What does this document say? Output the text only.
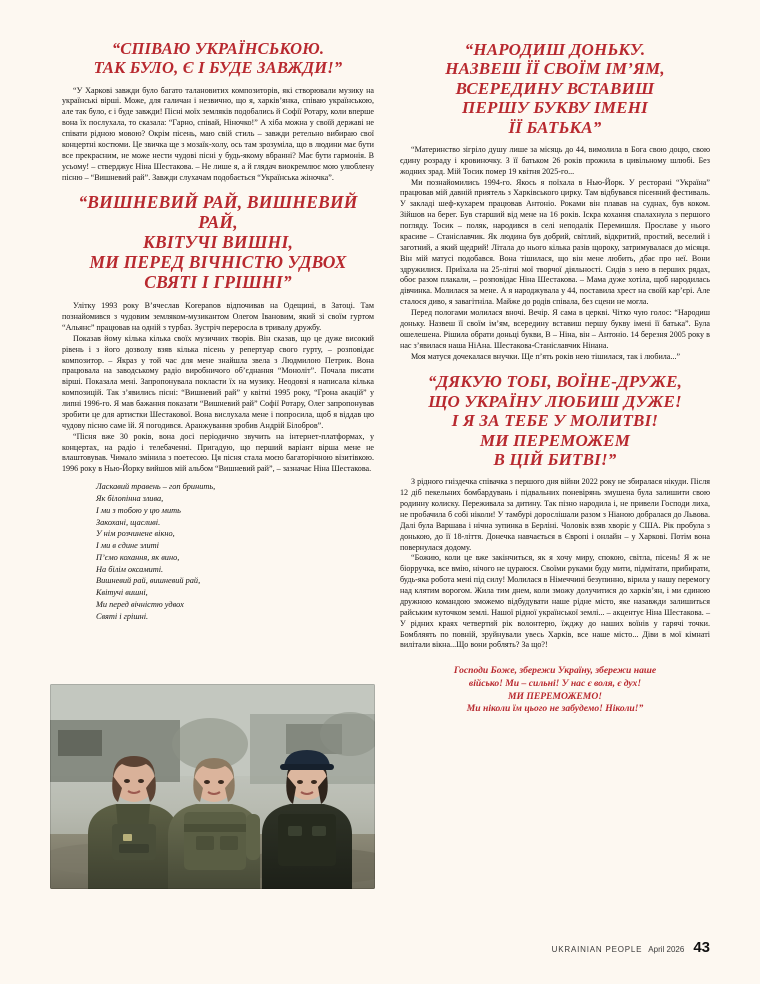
“СПІВАЮ УКРАЇНСЬКОЮ.
ТАК БУЛО, Є І БУДЕ ЗАВЖДИ!”

“У Харкові завжди було багато талановитих композиторів, які створювали музику на українські вірші. Може, для галичан і незвично, що я, харків’янка, співаю українською, але так було, є і буде завжди! Пісні моїх земляків подобались й Софії Ротару, коли вперше вона їх послухала, то сказала: “Гарно, співай, Ніночко!” А хіба можна у своїй державі не співати рідною мовою? Окрім пісень, маю свій стиль – завжди ретельно вибираю свої концертні костюми. Це звичка ще з мозаїк-холу, ось там зрозуміла, що в людини має бути все прекрасним, не може нести чудові пісні у будь-якому вбранні? Має бути гармонія. В усьому! – стверджує Ніна Шестакова. – Не лише я, а й глядач виокремлює мою улюблену пісню – “Вишневий рай”. Завжди слухачам подобається “Українська жіночка”.

“ВИШНЕВИЙ РАЙ, ВИШНЕВИЙ РАЙ,
КВІТУЧІ ВИШНІ,
МИ ПЕРЕД ВІЧНІСТЮ УДВОХ
СВЯТІ І ГРІШНІ”

Улітку 1993 року В’ячеслав Korеpanов відпочивав на Одещині, в Затоці. Там познайомився з чудовим земляком-музикантом Олегом Івановим, який зі своїм гуртом “Альянс” працював на одній з турбаз. Зустріч переросла в тривалу дружбу.

Показав йому кілька кілька своїх музичних творів. Він сказав, що це дуже високий рівень і з його дозволу взяв кілька пісень у репертуар свого гурту, – розповідає композитор. – Якраз у той час для мене знайшла звела з Людмилою Петрик. Вона працювала на заводському радіо виробничого об’єднання “Моноліт”. Почала писати вірші. Показала мені. Запропонувала покласти їх на музику. Неодовзі я написала кілька композицій. Так з’явились пісні: “Вишневий рай” у квітні 1995 року, “Грона акацій” у липні 1996-го. Я мав бажання показати “Вишневий рай” Софії Ротару, Олег запропонував зробити це для артистки Шестакової. Вона вислухала мене і попросила, щоб я віддав цю чудову пісню саме їй. Я погодився. Аранжування зробив Андрій Білобров”.

“Пісня вже 30 років, вона досі періодично звучить на інтернет-платформах, у концертах, на радіо і телебаченні. Пригадую, що перший варіант вірша мене не влаштовував. Чимало змінила з поетесою. Ця пісня стала моєю багаторічною візитівкою. 1996 року в Нью-Йорку вийшов мій альбом “Вишневий рай”, – зазначає Ніна Шестакова.

Ласкавий травень – гоп бринить,
Як білопінна злива,
І ми з тобою у цю мить
Закохані, щасливі.
У нім розчинене вікно,
І ми в єдине злиті
П’ємо кохання, як вино,
На білім оксамиті.
Вишневий рай, вишневий рай,
Квітучі вишні,
Ми перед вічністю удвох
Святі і грішні.
“НАРОДИШ ДОНЬКУ.
НАЗВЕШ ЇЇ СВОЇМ ІМ’ЯМ,
ВСЕРЕДИНУ ВСТАВИШ
ПЕРШУ БУКВУ ІМЕНІ
ЇЇ БАТЬКА”

“Материнство зігріло душу лише за місяць до 44, вимолила в Бога свою доцю, свою єдину розраду і кровиночку. З її батьком 26 років прожила в цивільному шлюбі. Без жодних зрад. Мій Тосик помер 19 квітня 2025-го...

Ми познайомились 1994-го. Якось я поїхала в Нью-Йорк. У ресторані “Україна” працював мій давній приятель з Харківського цирку. Там відбувався пісенний фестиваль. У закладі шеф-кухарем працював Антоніо. Роками він плавав на суднах, був коком. Зійшов на берег. Був старший від мене на 16 років. Іскра кохання спалахнула з першого погляду. Тосик – поляк, народився в селі неподалік Перемишля. Прославе у нього красиве – Станіславчик. Як людина був добрий, світлий, відкритий, простий, веселий і заготний, а який щедрий! Літала до нього кілька разів щороку, затримувалася до місяця. Він мій матусі подобався. Вона тішилася, що він мене любить, дбає про неї. Вони здружилися. Приїхала на 25-літні мої творчої діяльності. Сидів з нею в перших рядах, обоє разом плакали, – розповідає Ніна Шестакова. – Мама дуже хотіла, щоб народилась дівчинка. Молилася за мене. А я народжувала у 44, поставила хрест на своїй кар’єрі. Але сталося диво, я завагітніла. Майже до родів співала, без сцени не могла.

Перед пологами молилася вночі. Вечір. Я сама в церкві. Чітко чую голос: “Народиш доньку. Назвеш її своїм ім’ям, всередину вставиш першу букву імені її батька”. Була ошелешена. Рішила обрати доньці букви, В – Ніна, він – Антоніо. 14 березня 2005 року в нас з’явилася наша НіАна. Шестакова-Станіславчик Нінанa.

Моя матуся дочекалася внучки. Ще п’ять років нею тішилася, так і любила...”

“ДЯКУЮ ТОБІ, ВОЇНЕ-ДРУЖЕ,
ЩО УКРАЇНУ ЛЮБИШ ДУЖЕ!
І Я ЗА ТЕБЕ У МОЛИТВІ!
МИ ПЕРЕМОЖЕМ
В ЦІЙ БИТВІ!”

З рідного гніздечка співачка з першого дня війни 2022 року не збиралася нікуди. Після 12 діб пекельних бомбардувань і підвальних поневірянь змушена була залишити свою родинну колиску. Переживала за дитину. Так пізно народила і, не привели Господи лиха, не пробачила б собі ніколи! У тамбурі дорослішали разом з Ніаною добралася до Львова. Далі була Варшава і нічна зупинка в Берліні. Чоловік взяв хворіє у США. Рік пробула з донькою, до її 18-ліття. Донечка навчається в Європі і онлайн – у Харкові. Потім вона повернулася додому.

“Божию, коли це вже закінчиться, як я хочу миру, спокою, світла, пісень! Я ж не біорручка, все вмію, нічого не цураюся. Своїми руками буду мити, підмітати, прибирати, будь-яка робота мені під силу! Молилася в Німеччині безупинно, вірила у нашу перемогу над клятим ворогом. Жила тим днем, коли зможу долучитися до харків’ян, і ми єдиною дружною командою зможемо відбудувати наше рідне місто, яке назавжди залишиться райським куточком землі. Нашої рідної української землі... – акцентує Ніна Шестакова. – У рідних краях четвертий рік волонтерю, їжджу до наших воїнів у гарячі точки. Бомбляять по повній, зруйнували увесь Харків, все наше місто... Діви в мої кімнаті вилітали вікна...Що вони роблять? За що?!

Господи Боже, збережи Україну, збережи наше
військо! Ми – сильні! У нас є воля, є дух!
МИ ПЕРЕМОЖЕМО!
Ми ніколи їм цього не забудемо! Ніколи!”
UKRAINIAN PEOPLE April 2026 43
